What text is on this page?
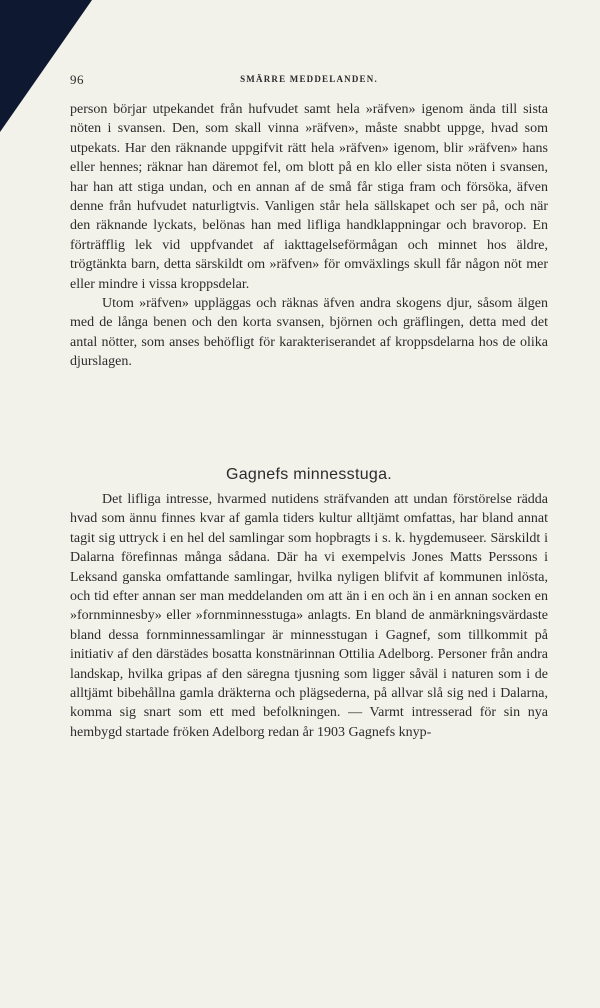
96	SMÄRRE MEDDELANDEN.

person börjar utpekandet från hufvudet samt hela »räfven» igenom ända till sista nöten i svansen. Den, som skall vinna »räfven», måste snabbt uppge, hvad som utpekats. Har den räknande uppgifvit rätt hela »räfven» igenom, blir »räfven» hans eller hennes; räknar han däremot fel, om blott på en klo eller sista nöten i svansen, har han att stiga undan, och en annan af de små får stiga fram och försöka, äfven denne från hufvudet naturligtvis. Vanligen står hela sällskapet och ser på, och när den räknande lyckats, belönas han med lifliga handklappningar och bravorop. En förträfflig lek vid uppfvandet af iakttagelseförmågan och minnet hos äldre, trögtänkta barn, detta särskildt om »räfven» för omväxlings skull får någon nöt mer eller mindre i vissa kroppsdelar.

Utom »räfven» uppläggas och räknas äfven andra skogens djur, såsom älgen med de långa benen och den korta svansen, björnen och gräflingen, detta med det antal nötter, som anses behöfligt för karakteriserandet af kroppsdelarna hos de olika djurslagen.

Gagnefs minnesstuga.

Det lifliga intresse, hvarmed nutidens sträfvanden att undan förstörelse rädda hvad som ännu finnes kvar af gamla tiders kultur alltjämt omfattas, har bland annat tagit sig uttryck i en hel del samlingar som hopbragts i s. k. hygdemuseer. Särskildt i Dalarna förefinnas många sådana. Där ha vi exempelvis Jones Matts Perssons i Leksand ganska omfattande samlingar, hvilka nyligen blifvit af kommunen inlösta, och tid efter annan ser man meddelanden om att än i en och än i en annan socken en »fornminnesby» eller »fornminnesstuga» anlagts. En bland de anmärkningsvärdaste bland dessa fornminnessamlingar är minnesstugan i Gagnef, som tillkommit på initiativ af den därstädes bosatta konstnärinnan Ottilia Adelborg. Personer från andra landskap, hvilka gripas af den säregna tjusning som ligger såväl i naturen som i de alltjämt bibehållna gamla dräkterna och plägsederna, på allvar slå sig ned i Dalarna, komma sig snart som ett med befolkningen. — Varmt intresserad för sin nya hembygd startade fröken Adelborg redan år 1903 Gagnefs knyp-
